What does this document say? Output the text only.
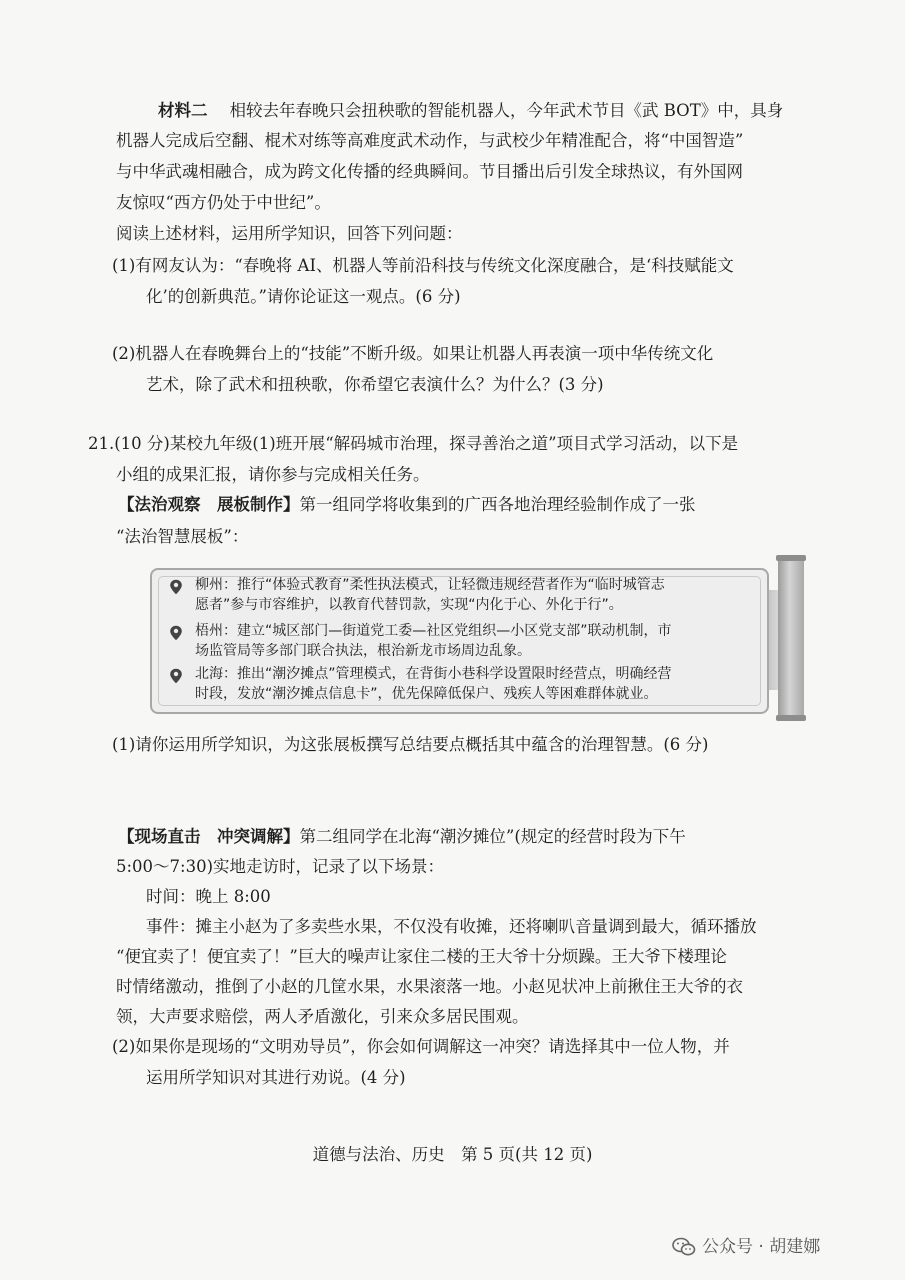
材料二 相较去年春晚只会扭秧歌的智能机器人，今年武术节目《武 BOT》中，具身
机器人完成后空翻、棍术对练等高难度武术动作，与武校少年精准配合，将“中国智造”
与中华武魂相融合，成为跨文化传播的经典瞬间。节目播出后引发全球热议，有外国网
友惊叹“西方仍处于中世纪”。
阅读上述材料，运用所学知识，回答下列问题：
(1)有网友认为：“春晚将 AI、机器人等前沿科技与传统文化深度融合，是‘科技赋能文
化’的创新典范。”请你论证这一观点。(6 分)
(2)机器人在春晚舞台上的“技能”不断升级。如果让机器人再表演一项中华传统文化
艺术，除了武术和扭秧歌，你希望它表演什么？为什么？(3 分)
21.(10 分)某校九年级(1)班开展“解码城市治理，探寻善治之道”项目式学习活动，以下是
小组的成果汇报，请你参与完成相关任务。
【法治观察　展板制作】第一组同学将收集到的广西各地治理经验制作成了一张
“法治智慧展板”：
柳州：推行“体验式教育”柔性执法模式，让轻微违规经营者作为“临时城管志
愿者”参与市容维护，以教育代替罚款，实现“内化于心、外化于行”。
梧州：建立“城区部门—街道党工委—社区党组织—小区党支部”联动机制，市
场监管局等多部门联合执法，根治新龙市场周边乱象。
北海：推出“潮汐摊点”管理模式，在背街小巷科学设置限时经营点，明确经营
时段，发放“潮汐摊点信息卡”，优先保障低保户、残疾人等困难群体就业。
(1)请你运用所学知识，为这张展板撰写总结要点概括其中蕴含的治理智慧。(6 分)
【现场直击　冲突调解】第二组同学在北海“潮汐摊位”(规定的经营时段为下午
5:00～7:30)实地走访时，记录了以下场景：
时间：晚上 8:00
事件：摊主小赵为了多卖些水果，不仅没有收摊，还将喇叭音量调到最大，循环播放
“便宜卖了！便宜卖了！”巨大的噪声让家住二楼的王大爷十分烦躁。王大爷下楼理论
时情绪激动，推倒了小赵的几筐水果，水果滚落一地。小赵见状冲上前揪住王大爷的衣
领，大声要求赔偿，两人矛盾激化，引来众多居民围观。
(2)如果你是现场的“文明劝导员”，你会如何调解这一冲突？请选择其中一位人物，并
运用所学知识对其进行劝说。(4 分)
道德与法治、历史　第 5 页(共 12 页)
公众号 · 胡建娜
